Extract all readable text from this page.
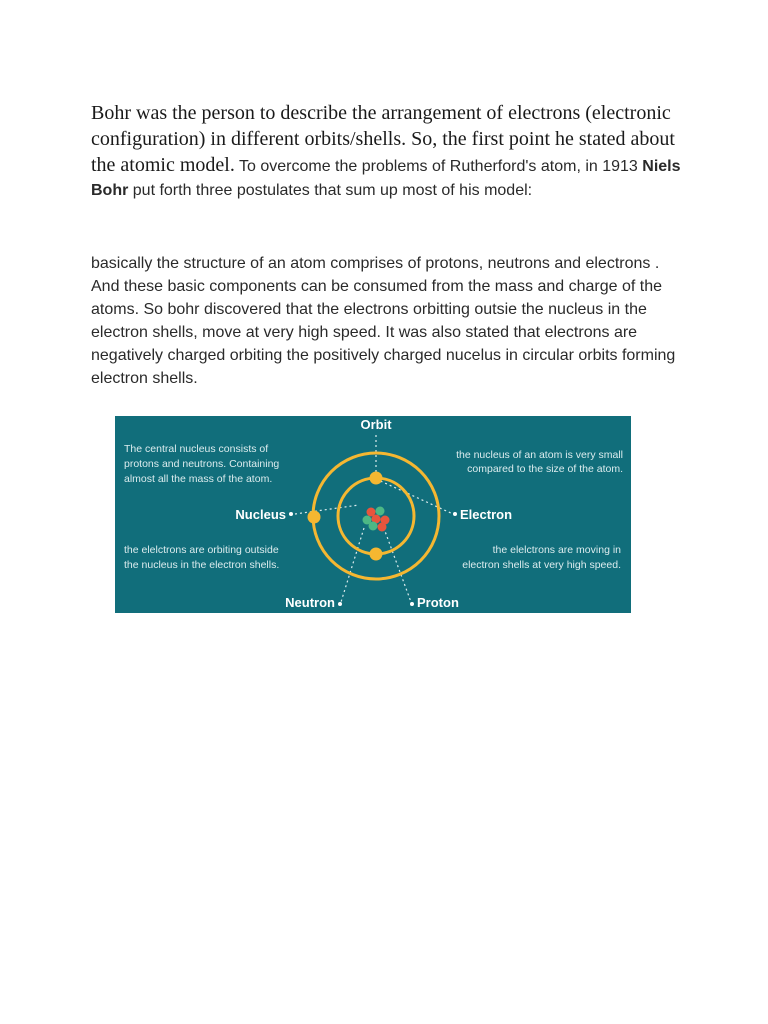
Bohr was the person to describe the arrangement of electrons (electronic configuration) in different orbits/shells. So, the first point he stated about the atomic model. To overcome the problems of Rutherford's atom, in 1913 Niels Bohr put forth three postulates that sum up most of his model:

basically the structure of an atom comprises of protons, neutrons and electrons . And these basic components can be consumed from the mass and charge of the atoms. So bohr discovered that the electrons orbitting outsie the nucleus in the electron shells, move at very high speed. It was also stated that electrons are negatively charged orbiting the positively charged nucelus in circular orbits forming electron shells.

Orbit
The central nucleus consists of
protons and neutrons. Containing
almost all the mass of the atom.
the nucleus of an atom is very small
compared to the size of the atom.
the elelctrons are orbiting outside
the nucleus in the electron shells.
the elelctrons are moving in
electron shells at very high speed.
Nucleus	Electron
Neutron	Proton
